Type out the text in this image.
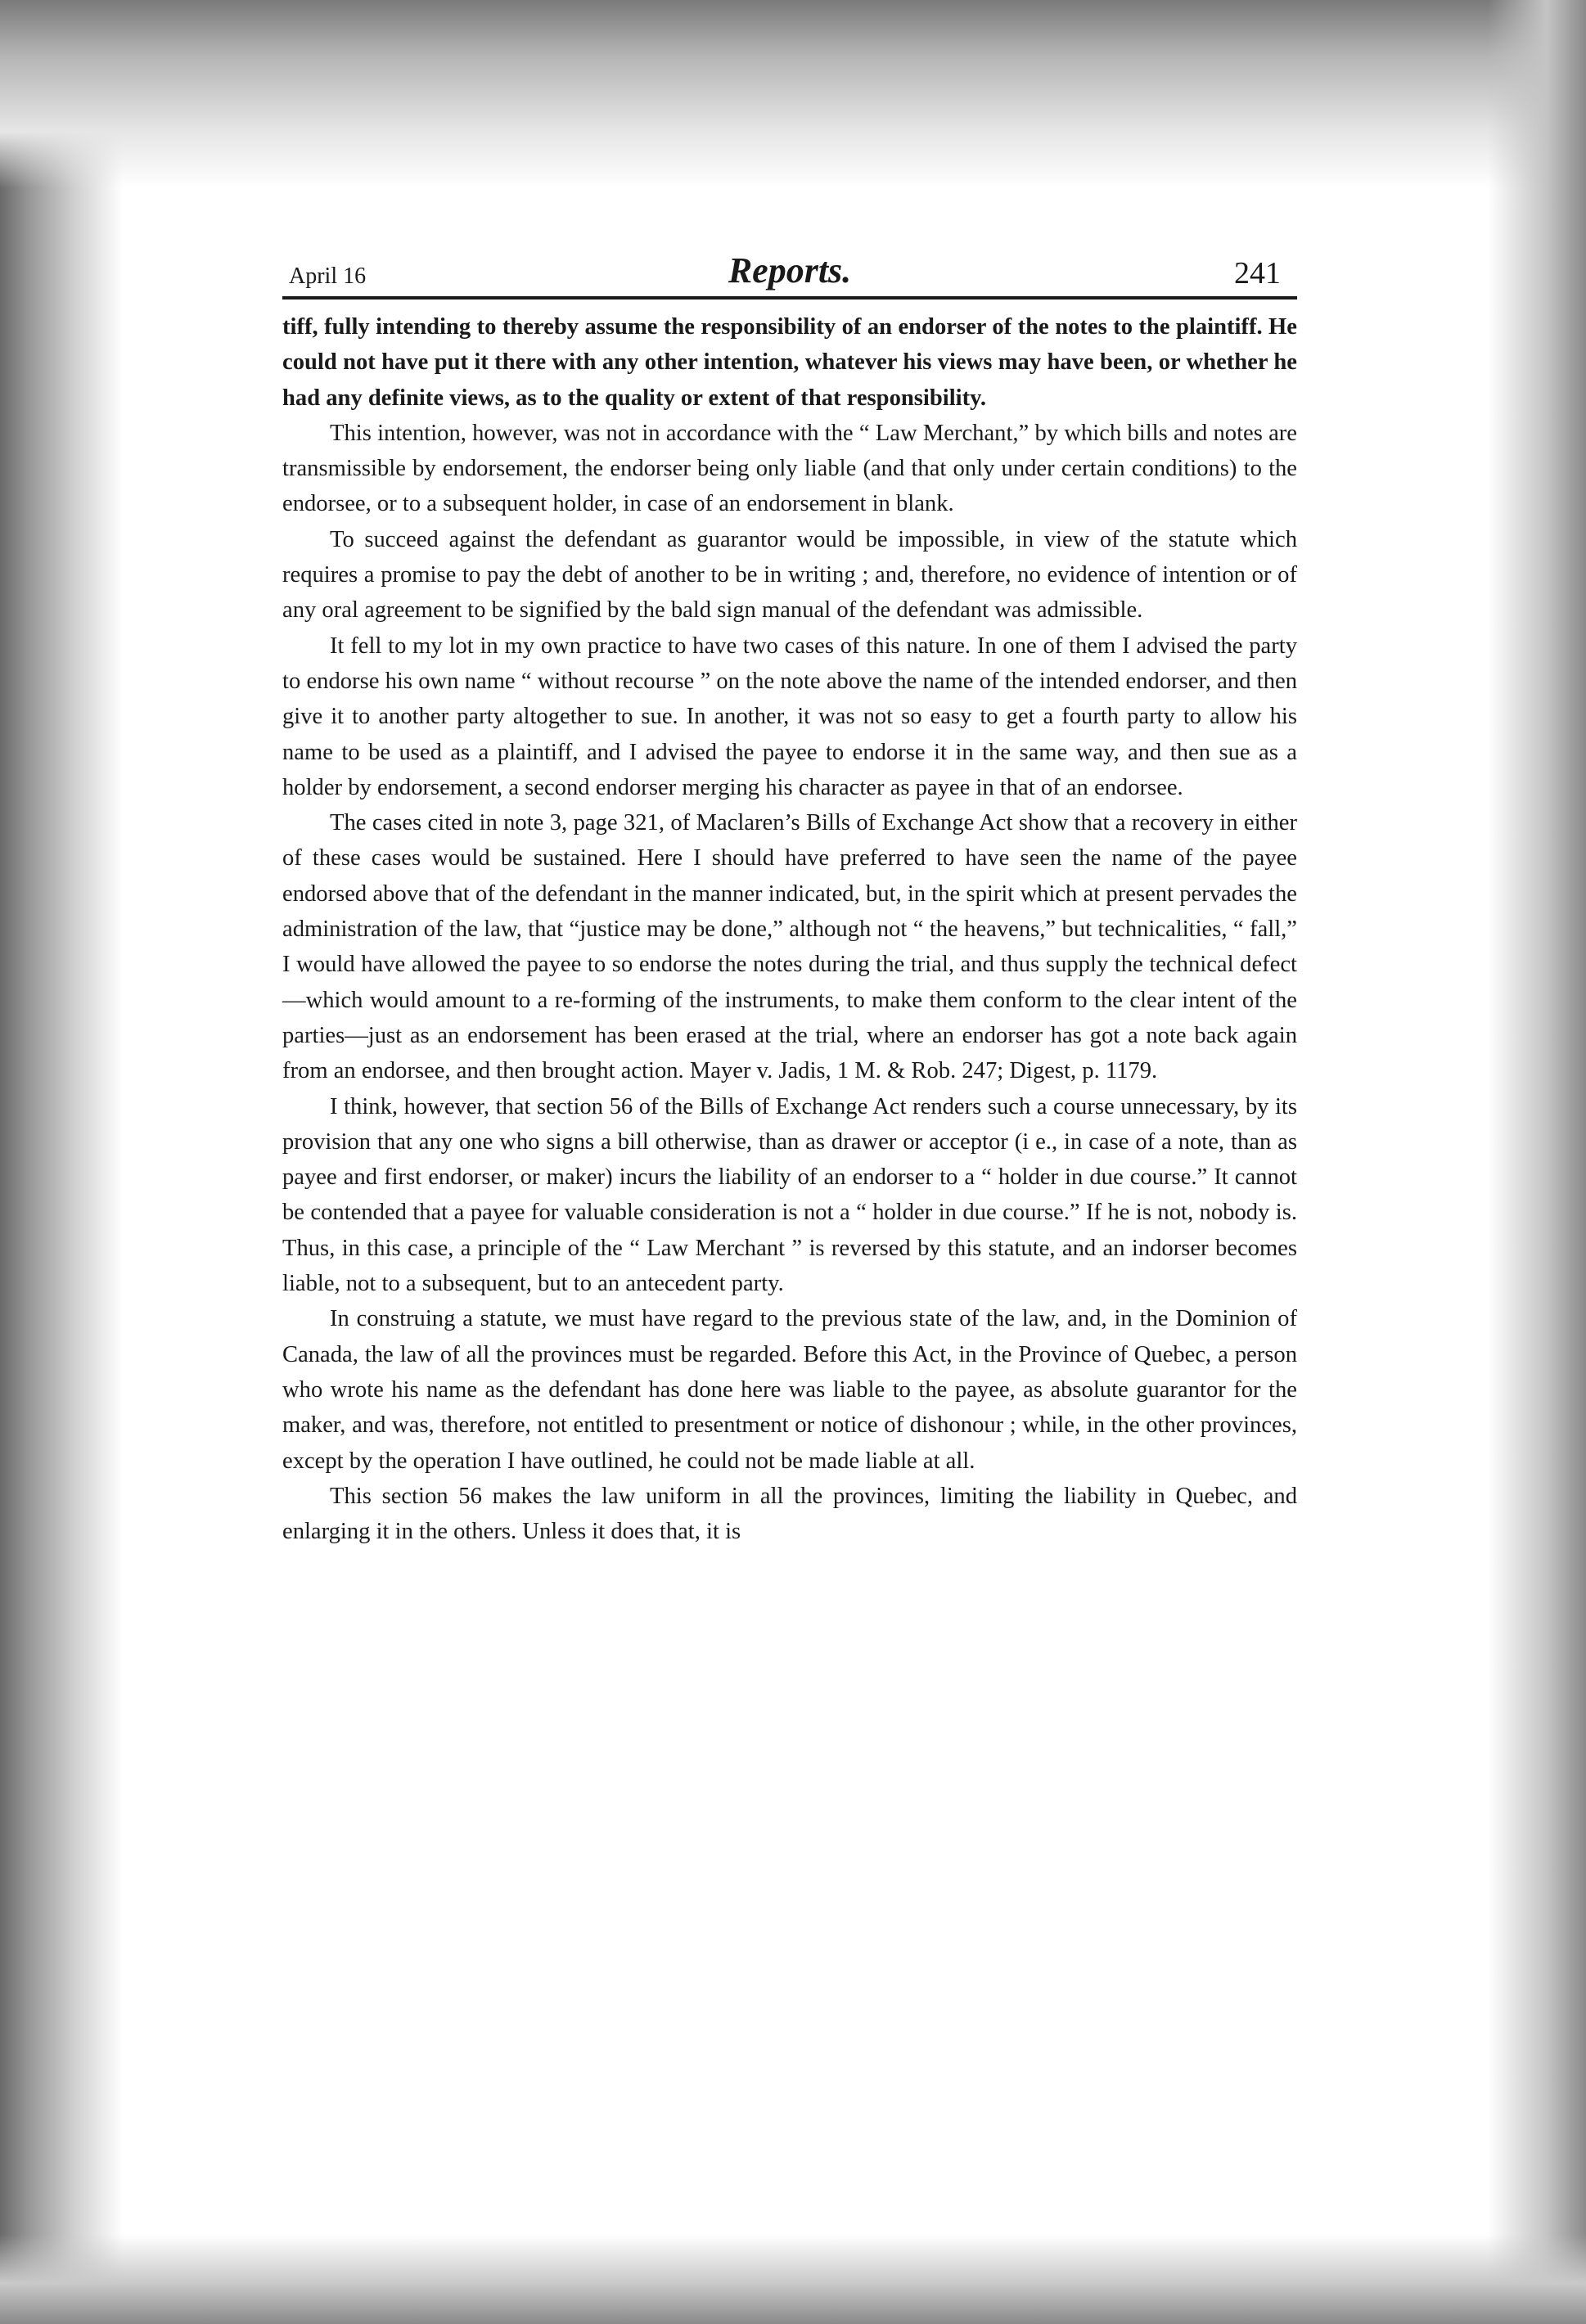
April 16	Reports.	241

tiff, fully intending to thereby assume the responsibility of an endorser of the notes to the plaintiff. He could not have put it there with any other intention, whatever his views may have been, or whether he had any definite views, as to the quality or extent of that responsibility.

This intention, however, was not in accordance with the “ Law Merchant,” by which bills and notes are transmissible by endorsement, the endorser being only liable (and that only under certain conditions) to the endorsee, or to a subsequent holder, in case of an endorsement in blank.

To succeed against the defendant as guarantor would be impossible, in view of the statute which requires a promise to pay the debt of another to be in writing ; and, therefore, no evidence of intention or of any oral agreement to be signified by the bald sign manual of the defendant was admissible.

It fell to my lot in my own practice to have two cases of this nature. In one of them I advised the party to endorse his own name “ without recourse ” on the note above the name of the intended endorser, and then give it to another party altogether to sue. In another, it was not so easy to get a fourth party to allow his name to be used as a plaintiff, and I advised the payee to endorse it in the same way, and then sue as a holder by endorsement, a second endorser merging his character as payee in that of an endorsee.

The cases cited in note 3, page 321, of Maclaren’s Bills of Exchange Act show that a recovery in either of these cases would be sustained. Here I should have preferred to have seen the name of the payee endorsed above that of the defendant in the manner indicated, but, in the spirit which at present pervades the administration of the law, that “justice may be done,” although not “ the heavens,” but technicalities, “ fall,” I would have allowed the payee to so endorse the notes during the trial, and thus supply the technical defect—which would amount to a re-forming of the instruments, to make them conform to the clear intent of the parties—just as an endorsement has been erased at the trial, where an endorser has got a note back again from an endorsee, and then brought action. Mayer v. Jadis, 1 M. & Rob. 247; Digest, p. 1179.

I think, however, that section 56 of the Bills of Exchange Act renders such a course unnecessary, by its provision that any one who signs a bill otherwise, than as drawer or acceptor (i e., in case of a note, than as payee and first endorser, or maker) incurs the liability of an endorser to a “ holder in due course.” It cannot be contended that a payee for valuable consideration is not a “ holder in due course.” If he is not, nobody is. Thus, in this case, a principle of the “ Law Merchant ” is reversed by this statute, and an indorser becomes liable, not to a subsequent, but to an antecedent party.

In construing a statute, we must have regard to the previous state of the law, and, in the Dominion of Canada, the law of all the provinces must be regarded. Before this Act, in the Province of Quebec, a person who wrote his name as the defendant has done here was liable to the payee, as absolute guarantor for the maker, and was, therefore, not entitled to presentment or notice of dishonour ; while, in the other provinces, except by the operation I have outlined, he could not be made liable at all.

This section 56 makes the law uniform in all the provinces, limiting the liability in Quebec, and enlarging it in the others. Unless it does that, it is
